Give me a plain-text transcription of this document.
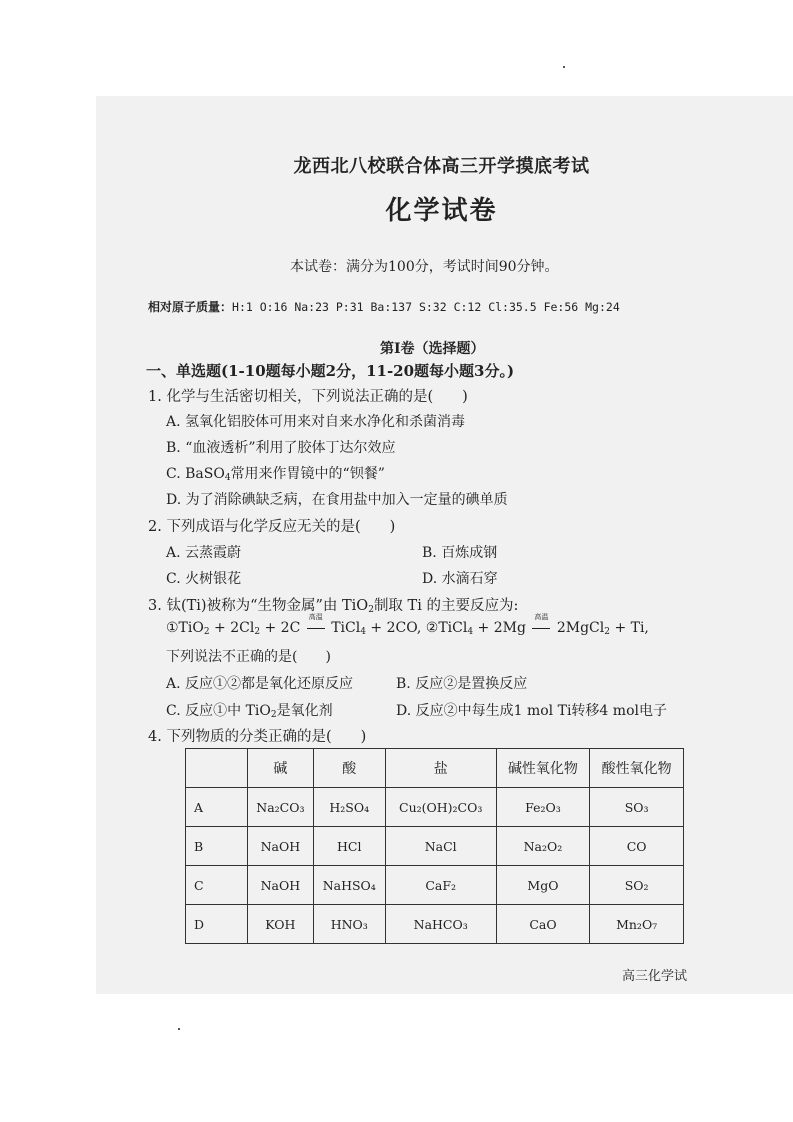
龙西北八校联合体高三开学摸底考试
化学试卷
本试卷：满分为100分，考试时间90分钟。
相对原子质量：H:1 O:16 Na:23 P:31 Ba:137 S:32 C:12 Cl:35.5 Fe:56 Mg:24
第Ⅰ卷（选择题）
一、单选题(1-10题每小题2分，11-20题每小题3分。)
1. 化学与生活密切相关，下列说法正确的是(　　)
A. 氢氧化铝胶体可用来对自来水净化和杀菌消毒
B. “血液透析”利用了胶体丁达尔效应
C. BaSO$_4$常用来作胃镜中的“钡餐”
D. 为了消除碘缺乏病，在食用盐中加入一定量的碘单质
2. 下列成语与化学反应无关的是(　　)
A. 云蒸霞蔚	B. 百炼成钢
C. 火树银花	D. 水滴石穿
3. 钛(Ti)被称为“生物金属”由 TiO$_2$制取 Ti 的主要反应为:
①TiO$_2$ + $2Cl_2 + 2C$
高温
TiCl$_4$ + 2CO, ②TiCl$_4$ + 2Mg
高温
2MgCl$_2$ + Ti,
下列说法不正确的是(　　)
A. 反应①②都是氧化还原反应	B. 反应②是置换反应
C. 反应①中 TiO$_2$是氧化剂	D. 反应②中每生成1 mol Ti转移4 mol电子
4. 下列物质的分类正确的是(　　)
	碱	酸	盐	碱性氧化物	酸性氧化物
A	Na₂CO₃	H₂SO₄	Cu₂(OH)₂CO₃	Fe₂O₃	SO₃
B	NaOH	HCl	NaCl	Na₂O₂	CO
C	NaOH	NaHSO₄	CaF₂	MgO	SO₂
D	KOH	HNO₃	NaHCO₃	CaO	Mn₂O₇
高三化学试
